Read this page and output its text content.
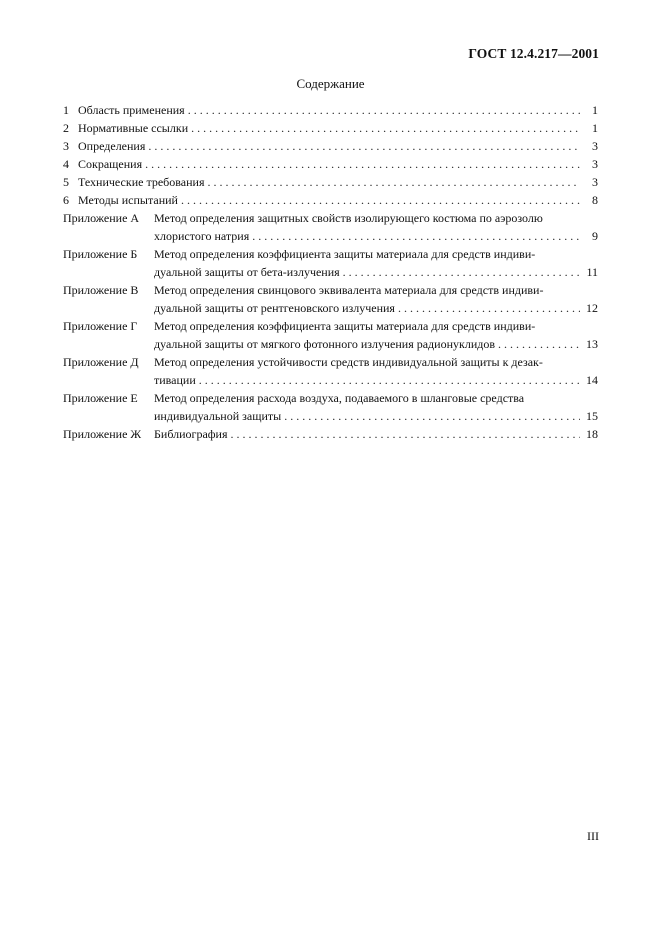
ГОСТ 12.4.217—2001
Содержание
1 Область применения . . .	1
2 Нормативные ссылки . . .	1
3 Определения . . .	3
4 Сокращения . . .	3
5 Технические требования . . .	3
6 Методы испытаний . . .	8
Приложение А	Метод определения защитных свойств изолирующего костюма по аэрозолю
хлористого натрия . . .	9
Приложение Б	Метод определения коэффициента защиты материала для средств индиви-
дуальной защиты от бета-излучения . . .	11
Приложение В	Метод определения свинцового эквивалента материала для средств индиви-
дуальной защиты от рентгеновского излучения . . .	12
Приложение Г	Метод определения коэффициента защиты материала для средств индиви-
дуальной защиты от мягкого фотонного излучения радионуклидов . . .	13
Приложение Д	Метод определения устойчивости средств индивидуальной защиты к дезак-
тивации . . .	14
Приложение Е	Метод определения расхода воздуха, подаваемого в шланговые средства
индивидуальной защиты . . .	15
Приложение Ж	Библиография . . .	18
III
